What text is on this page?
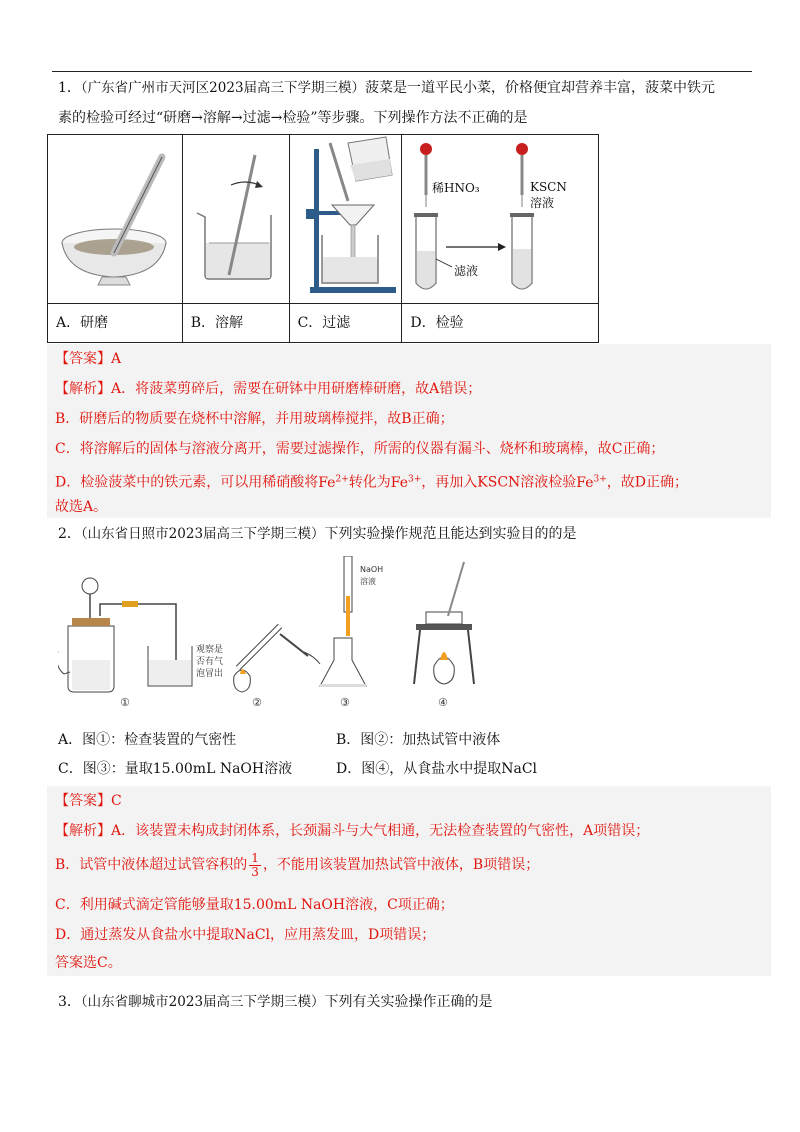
1．（广东省广州市天河区2023届高三下学期三模）菠菜是一道平民小菜，价格便宜却营养丰富，菠菜中铁元
素的检验可经过“研磨→溶解→过滤→检验”等步骤。下列操作方法不正确的是

稀HNO₃ KSCN
溶液
滤液

A．研磨	B．溶解	C．过滤	D．检验
【答案】A
【解析】A．将菠菜剪碎后，需要在研钵中用研磨棒研磨，故A错误；
B．研磨后的物质要在烧杯中溶解，并用玻璃棒搅拌，故B正确；
C．将溶解后的固体与溶液分离开，需要过滤操作，所需的仪器有漏斗、烧杯和玻璃棒，故C正确；
D．检验菠菜中的铁元素，可以用稀硝酸将$Fe^{2+}$转化为$Fe^{3+}$，再加入KSCN溶液检验$Fe^{3+}$，故D正确；
故选A。
2．（山东省日照市2023届高三下学期三模）下列实验操作规范且能达到实验目的的是
观察是
否有气
泡冒出
①	②
NaOH
溶液
③	④
A．图①：检查装置的气密性	B．图②：加热试管中液体
C．图③：量取15.00mL NaOH溶液	D．图④，从食盐水中提取NaCl
【答案】C
【解析】A．该装置未构成封闭体系，长颈漏斗与大气相通，无法检查装置的气密性，A项错误；
B．试管中液体超过试管容积的 $\frac{1}{3}$ ，不能用该装置加热试管中液体，B项错误；
C．利用碱式滴定管能够量取15.00mL NaOH溶液，C项正确；
D．通过蒸发从食盐水中提取NaCl，应用蒸发皿，D项错误；
答案选C。
3．（山东省聊城市2023届高三下学期三模）下列有关实验操作正确的是
